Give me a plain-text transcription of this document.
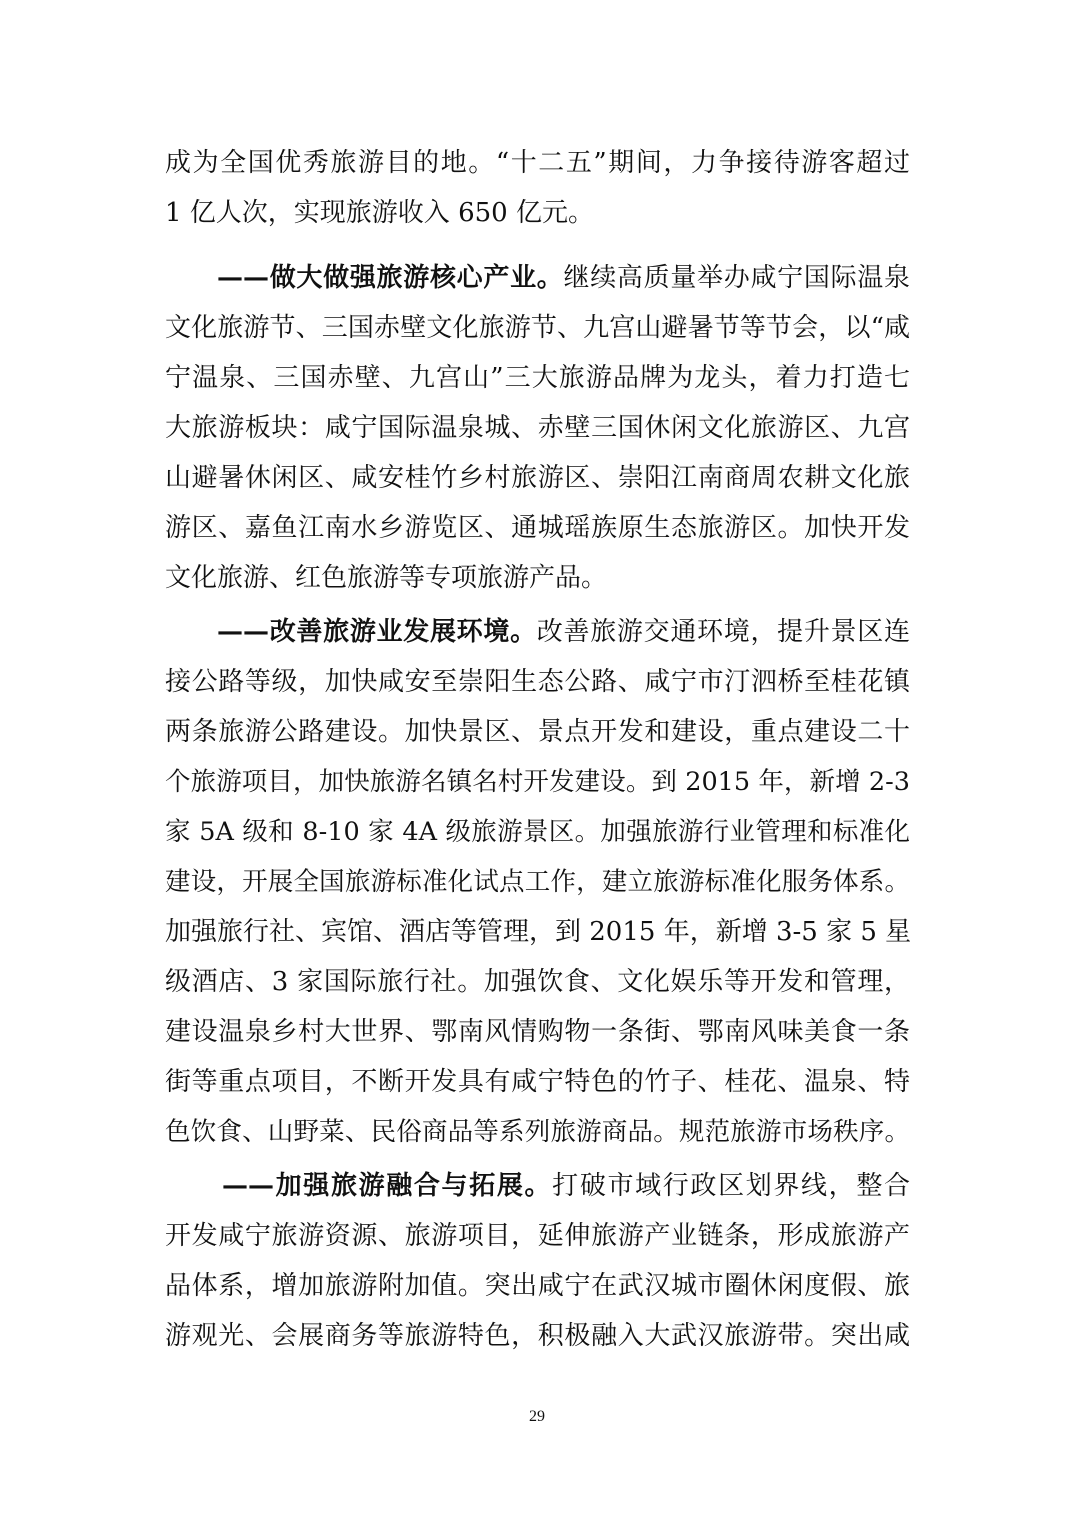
成为全国优秀旅游目的地。“十二五”期间，力争接待游客超过
1 亿人次，实现旅游收入 650 亿元。
——做大做强旅游核心产业。继续高质量举办咸宁国际温泉
文化旅游节、三国赤壁文化旅游节、九宫山避暑节等节会，以“咸
宁温泉、三国赤壁、九宫山”三大旅游品牌为龙头，着力打造七
大旅游板块：咸宁国际温泉城、赤壁三国休闲文化旅游区、九宫
山避暑休闲区、咸安桂竹乡村旅游区、崇阳江南商周农耕文化旅
游区、嘉鱼江南水乡游览区、通城瑶族原生态旅游区。加快开发
文化旅游、红色旅游等专项旅游产品。
——改善旅游业发展环境。改善旅游交通环境，提升景区连
接公路等级，加快咸安至崇阳生态公路、咸宁市汀泗桥至桂花镇
两条旅游公路建设。加快景区、景点开发和建设，重点建设二十
个旅游项目，加快旅游名镇名村开发建设。到 2015 年，新增 2-3
家 5A 级和 8-10 家 4A 级旅游景区。加强旅游行业管理和标准化
建设，开展全国旅游标准化试点工作，建立旅游标准化服务体系。
加强旅行社、宾馆、酒店等管理，到 2015 年，新增 3-5 家 5 星
级酒店、3 家国际旅行社。加强饮食、文化娱乐等开发和管理，
建设温泉乡村大世界、鄂南风情购物一条街、鄂南风味美食一条
街等重点项目，不断开发具有咸宁特色的竹子、桂花、温泉、特
色饮食、山野菜、民俗商品等系列旅游商品。规范旅游市场秩序。
——加强旅游融合与拓展。打破市域行政区划界线，整合
开发咸宁旅游资源、旅游项目，延伸旅游产业链条，形成旅游产
品体系，增加旅游附加值。突出咸宁在武汉城市圈休闲度假、旅
游观光、会展商务等旅游特色，积极融入大武汉旅游带。突出咸
29
